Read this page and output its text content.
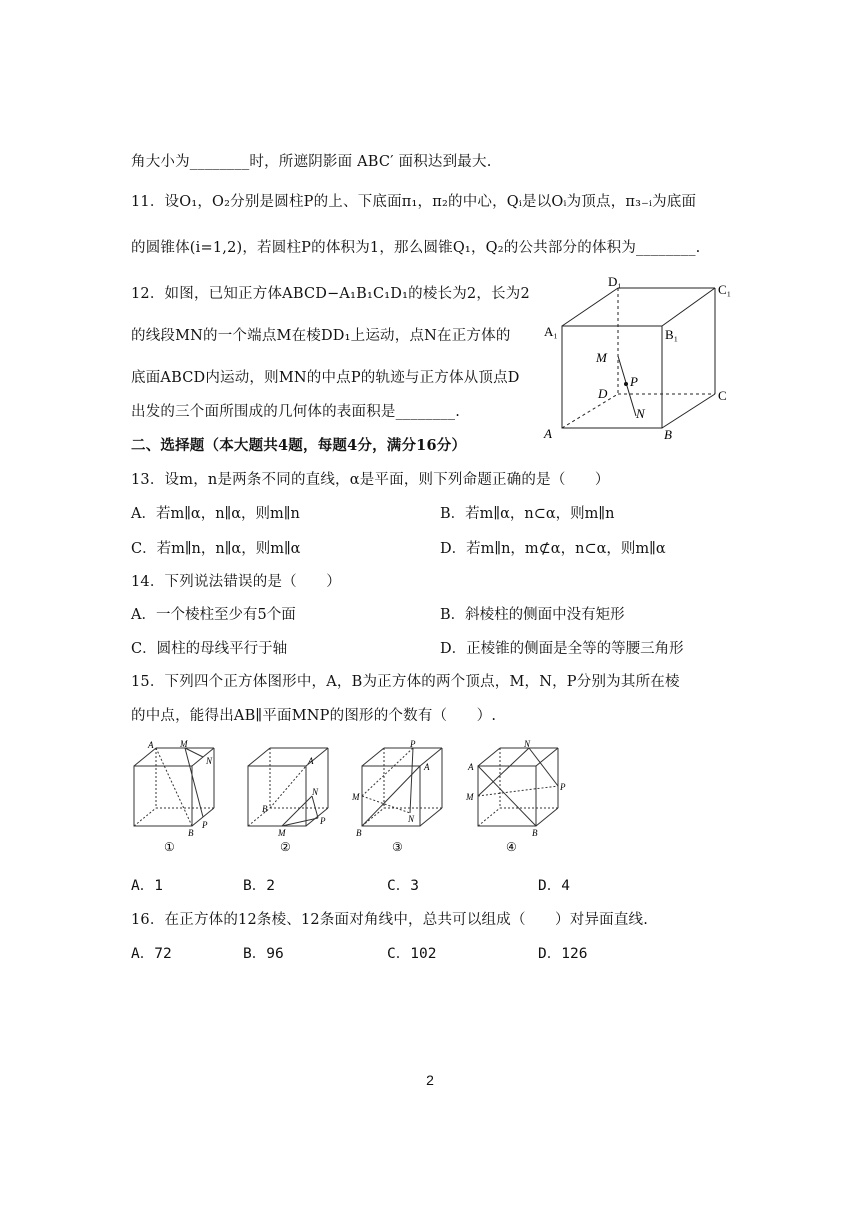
角大小为________时，所遮阴影面 ABC′ 面积达到最大.
11．设O₁，O₂分别是圆柱P的上、下底面π₁，π₂的中心，Qᵢ是以Oᵢ为顶点，π₃₋ᵢ为底面
的圆锥体(i=1,2)，若圆柱P的体积为1，那么圆锥Q₁，Q₂的公共部分的体积为________.
12．如图，已知正方体ABCD−A₁B₁C₁D₁的棱长为2，长为2
的线段MN的一个端点M在棱DD₁上运动，点N在正方体的
底面ABCD内运动，则MN的中点P的轨迹与正方体从顶点D
出发的三个面所围成的几何体的表面积是________.
D₁
C₁
A₁	B₁
M
P
D	C
N
A	B
二、选择题（本大题共4题，每题4分，满分16分）
13．设m，n是两条不同的直线，α是平面，则下列命题正确的是（　　）
A．若m∥α，n∥α，则m∥n	B．若m∥α，n⊂α，则m∥n
C．若m∥n，n∥α，则m∥α	D．若m∥n，m⊄α，n⊂α，则m∥α
14．下列说法错误的是（　　）
A．一个棱柱至少有5个面	B．斜棱柱的侧面中没有矩形
C．圆柱的母线平行于轴	D．正棱锥的侧面是全等的等腰三角形
15．下列四个正方体图形中，A，B为正方体的两个顶点，M，N，P分别为其所在棱
的中点，能得出AB∥平面MNP的图形的个数有（　　）.
A	M
N
B
P
①
A
B
N
M
P
②
A
P
M
B
N
③
A
N
M
P
B
④
A．1	B．2	C．3	D．4
16．在正方体的12条棱、12条面对角线中，总共可以组成（　　）对异面直线.
A．72	B．96	C．102	D．126
2
